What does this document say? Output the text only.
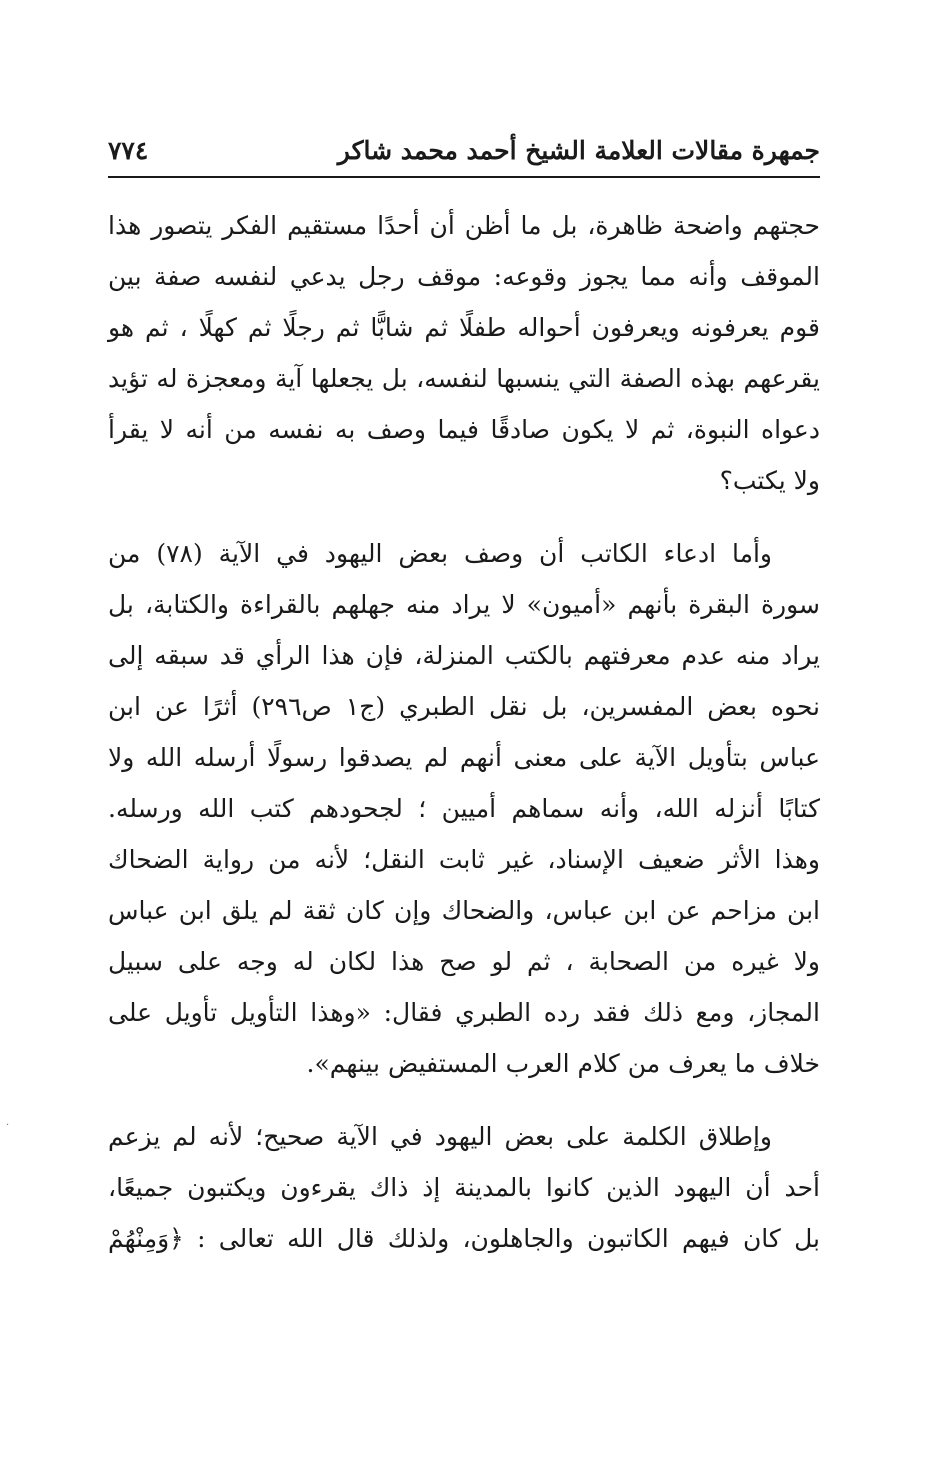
جمهرة مقالات العلامة الشيخ أحمد محمد شاكر
٧٧٤

حجتهم واضحة ظاهرة، بل ما أظن أن أحدًا مستقيم الفكر يتصور هذا
الموقف وأنه مما يجوز وقوعه: موقف رجل يدعي لنفسه صفة بين
قوم يعرفونه ويعرفون أحواله طفلًا ثم شابًّا ثم رجلًا ثم كهلًا ، ثم هو
يقرعهم بهذه الصفة التي ينسبها لنفسه، بل يجعلها آية ومعجزة له تؤيد
دعواه النبوة، ثم لا يكون صادقًا فيما وصف به نفسه من أنه لا يقرأ
ولا يكتب؟

وأما ادعاء الكاتب أن وصف بعض اليهود في الآية (٧٨) من
سورة البقرة بأنهم «أميون» لا يراد منه جهلهم بالقراءة والكتابة، بل
يراد منه عدم معرفتهم بالكتب المنزلة، فإن هذا الرأي قد سبقه إلى
نحوه بعض المفسرين، بل نقل الطبري (ج١ ص٢٩٦) أثرًا عن ابن
عباس بتأويل الآية على معنى أنهم لم يصدقوا رسولًا أرسله الله ولا
كتابًا أنزله الله، وأنه سماهم أميين ؛ لجحودهم كتب الله ورسله.
وهذا الأثر ضعيف الإسناد، غير ثابت النقل؛ لأنه من رواية الضحاك
ابن مزاحم عن ابن عباس، والضحاك وإن كان ثقة لم يلق ابن عباس
ولا غيره من الصحابة ، ثم لو صح هذا لكان له وجه على سبيل
المجاز، ومع ذلك فقد رده الطبري فقال: «وهذا التأويل تأويل على
خلاف ما يعرف من كلام العرب المستفيض بينهم».

وإطلاق الكلمة على بعض اليهود في الآية صحيح؛ لأنه لم يزعم
أحد أن اليهود الذين كانوا بالمدينة إذ ذاك يقرءون ويكتبون جميعًا،
بل كان فيهم الكاتبون والجاهلون، ولذلك قال الله تعالى : ﴿وَمِنْهُمْ

·
